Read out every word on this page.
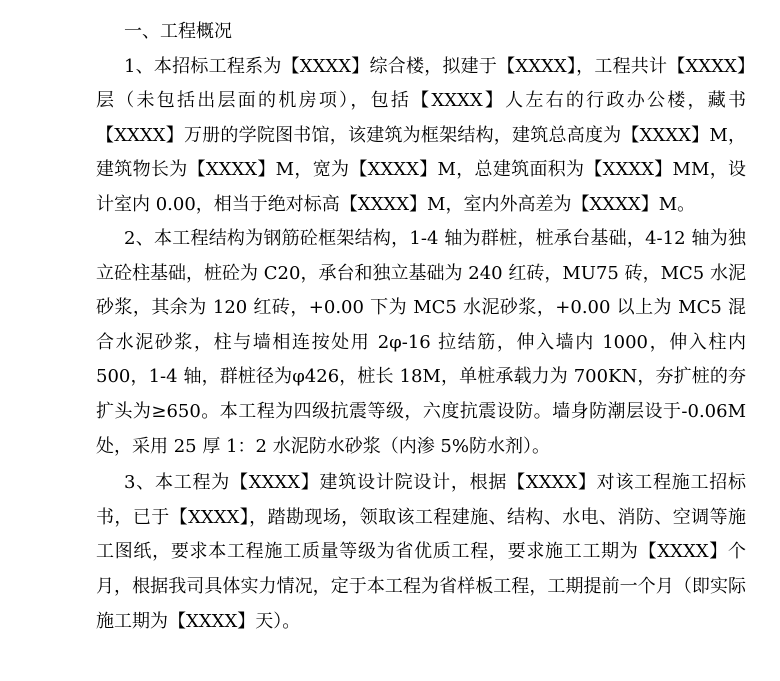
一、工程概况

1、本招标工程系为【XXXX】综合楼，拟建于【XXXX】，工程共计【XXXX】层（未包括出层面的机房项），包括【XXXX】人左右的行政办公楼，藏书【XXXX】万册的学院图书馆，该建筑为框架结构，建筑总高度为【XXXX】M，建筑物长为【XXXX】M，宽为【XXXX】M，总建筑面积为【XXXX】MM，设计室内 0.00，相当于绝对标高【XXXX】M，室内外高差为【XXXX】M。

2、本工程结构为钢筋砼框架结构，1-4 轴为群桩，桩承台基础，4-12 轴为独立砼柱基础，桩砼为 C20，承台和独立基础为 240 红砖，MU75 砖，MC5 水泥砂浆，其余为 120 红砖，+0.00 下为 MC5 水泥砂浆，+0.00 以上为 MC5 混合水泥砂浆，柱与墙相连按处用 2φ-16 拉结筋，伸入墙内 1000，伸入柱内 500，1-4 轴，群桩径为φ426，桩长 18M，单桩承载力为 700KN，夯扩桩的夯扩头为≥650。本工程为四级抗震等级，六度抗震设防。墙身防潮层设于-0.06M 处，采用 25 厚 1：2 水泥防水砂浆（内渗 5%防水剂）。

3、本工程为【XXXX】建筑设计院设计，根据【XXXX】对该工程施工招标书，已于【XXXX】，踏勘现场，领取该工程建施、结构、水电、消防、空调等施工图纸，要求本工程施工质量等级为省优质工程，要求施工工期为【XXXX】个月，根据我司具体实力情况，定于本工程为省样板工程，工期提前一个月（即实际施工期为【XXXX】天）。
